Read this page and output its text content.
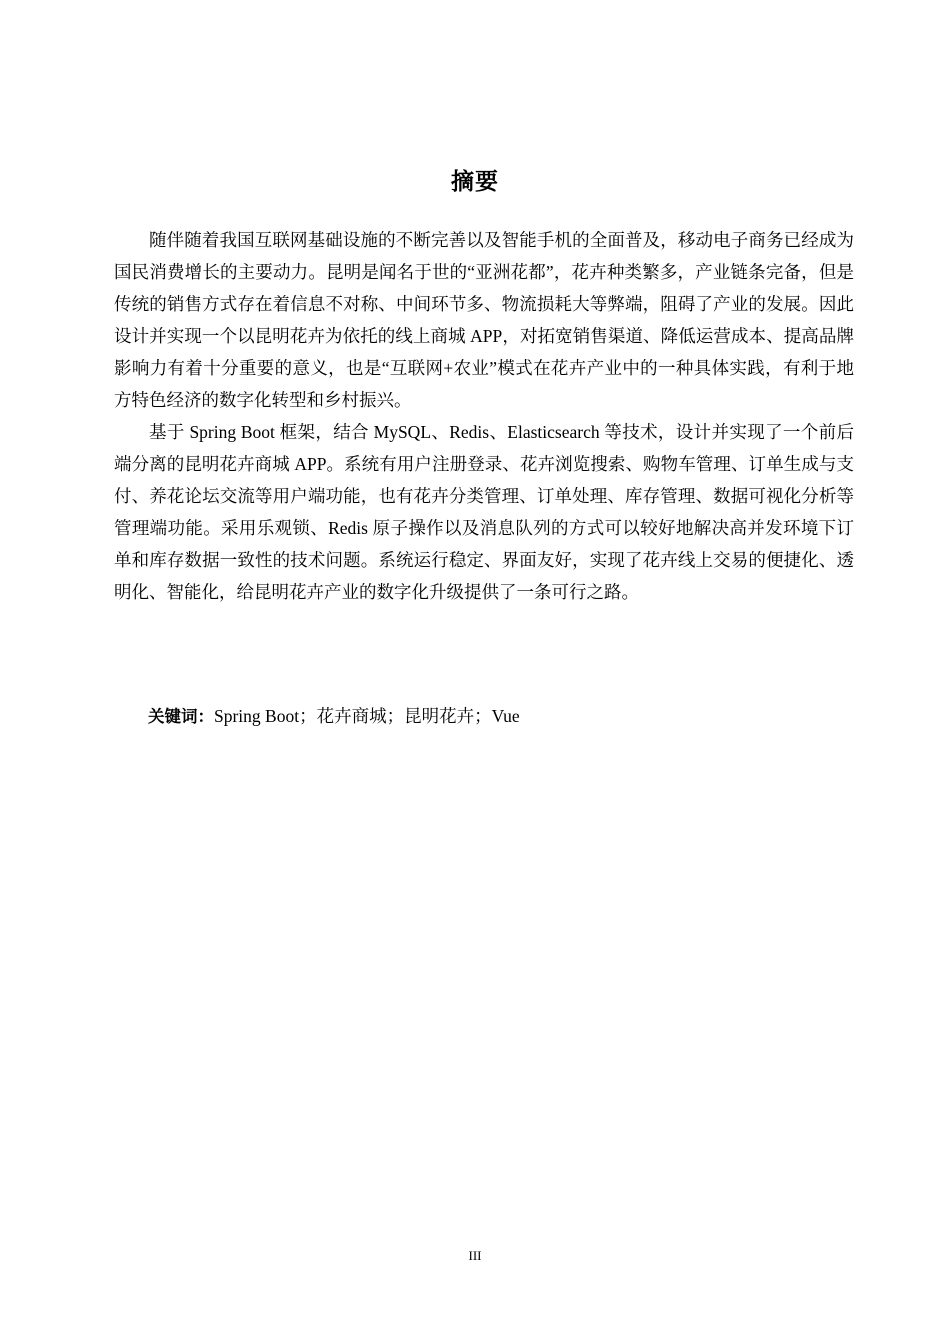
摘要

随伴随着我国互联网基础设施的不断完善以及智能手机的全面普及，移动电子商务已经成为国民消费增长的主要动力。昆明是闻名于世的“亚洲花都”，花卉种类繁多，产业链条完备，但是传统的销售方式存在着信息不对称、中间环节多、物流损耗大等弊端，阻碍了产业的发展。因此设计并实现一个以昆明花卉为依托的线上商城 APP，对拓宽销售渠道、降低运营成本、提高品牌影响力有着十分重要的意义，也是“互联网+农业”模式在花卉产业中的一种具体实践，有利于地方特色经济的数字化转型和乡村振兴。

基于 Spring Boot 框架，结合 MySQL、Redis、Elasticsearch 等技术，设计并实现了一个前后端分离的昆明花卉商城 APP。系统有用户注册登录、花卉浏览搜索、购物车管理、订单生成与支付、养花论坛交流等用户端功能，也有花卉分类管理、订单处理、库存管理、数据可视化分析等管理端功能。采用乐观锁、Redis 原子操作以及消息队列的方式可以较好地解决高并发环境下订单和库存数据一致性的技术问题。系统运行稳定、界面友好，实现了花卉线上交易的便捷化、透明化、智能化，给昆明花卉产业的数字化升级提供了一条可行之路。

关键词：Spring Boot；花卉商城；昆明花卉；Vue
III
